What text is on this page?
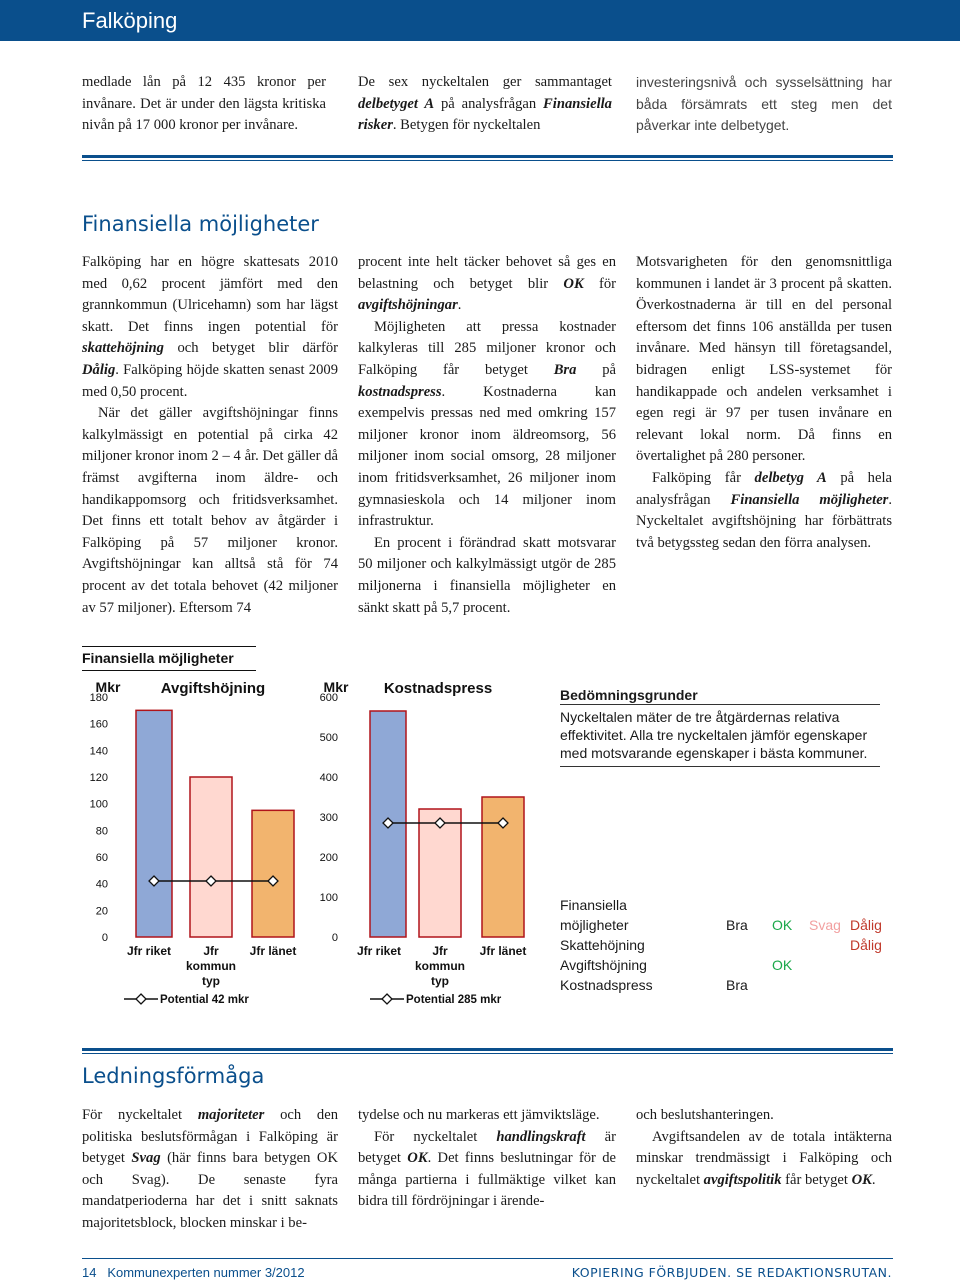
Falköping

medlade lån på 12 435 kronor per invånare. Det är under den lägsta kritiska nivån på 17 000 kronor per invånare.

De sex nyckeltalen ger sammantaget delbetyget A på analysfrågan Finansiella risker. Betygen för nyckeltalen

investeringsnivå och sysselsättning har båda försämrats ett steg men det påverkar inte delbetyget.

Finansiella möjligheter

Falköping har en högre skattesats 2010 med 0,62 procent jämfört med den grannkommun (Ulricehamn) som har lägst skatt. Det finns ingen potential för skattehöjning och betyget blir därför Dålig. Falköping höjde skatten senast 2009 med 0,50 procent.

När det gäller avgiftshöjningar finns kalkylmässigt en potential på cirka 42 miljoner kronor inom 2 – 4 år. Det gäller då främst avgifterna inom äldre- och handikappomsorg och fritidsverksamhet. Det finns ett totalt behov av åtgärder i Falköping på 57 miljoner kronor. Avgiftshöjningar kan alltså stå för 74 procent av det totala behovet (42 miljoner av 57 miljoner). Eftersom 74

procent inte helt täcker behovet så ges en belastning och betyget blir OK för avgiftshöjningar.

Möjligheten att pressa kostnader kalkyleras till 285 miljoner kronor och Falköping får betyget Bra på kostnadspress. Kostnaderna kan exempelvis pressas ned med omkring 157 miljoner kronor inom äldreomsorg, 56 miljoner inom social omsorg, 28 miljoner inom fritidsverksamhet, 26 miljoner inom gymnasieskola och 14 miljoner inom infrastruktur.

En procent i förändrad skatt motsvarar 50 miljoner och kalkylmässigt utgör de 285 miljonerna i finansiella möjligheter en sänkt skatt på 5,7 procent.

Motsvarigheten för den genomsnittliga kommunen i landet är 3 procent på skatten. Överkostnaderna är till en del personal eftersom det finns 106 anställda per tusen invånare. Med hänsyn till företagsandel, bidragen enligt LSS-systemet för handikappade och andelen verksamhet i egen regi är 97 per tusen invånare en relevant lokal norm. Då finns en övertalighet på 280 personer.

Falköping får delbetyg A på hela analysfrågan Finansiella möjligheter. Nyckeltalet avgiftshöjning har förbättrats två betygssteg sedan den förra analysen.

Finansiella möjligheter
Mkr	Avgiftshöjning
0
20
40
60
80
100
120
140
160
180
Jfr riket	Jfr
kommun
typ
Jfr länet
Potential 42 mkr
Mkr Kostnadspress
0
100
200
300
400
500
600
Jfr riket	Jfr
kommun
typ
Jfr länet
Potential 285 mkr
Bedömningsgrunder
Nyckeltalen mäter de tre åtgärdernas relativa effektivitet. Alla tre nyckeltalen jämför egenskaper med motsvarande egenskaper i bästa kommuner.
Finansiella
möjligheter	Bra OK Svag Dålig
Skattehöjning	Dålig
Avgiftshöjning	OK
Kostnadspress	Bra
Ledningsförmåga

För nyckeltalet majoriteter och den politiska beslutsförmågan i Falköping är betyget Svag (här finns bara betygen OK och Svag). De senaste fyra mandatperioderna har det i snitt saknats majoritetsblock, blocken minskar i be-

tydelse och nu markeras ett jämviktsläge.

För nyckeltalet handlingskraft är betyget OK. Det finns beslutningar för de många partierna i fullmäktige vilket kan bidra till fördröjningar i ärende-

och beslutshanteringen.

Avgiftsandelen av de totala intäkterna minskar trendmässigt i Falköping och nyckeltalet avgiftspolitik får betyget OK.

14 Kommunexperten nummer 3/2012	KOPIERING FÖRBJUDEN. SE REDAKTIONSRUTAN.
